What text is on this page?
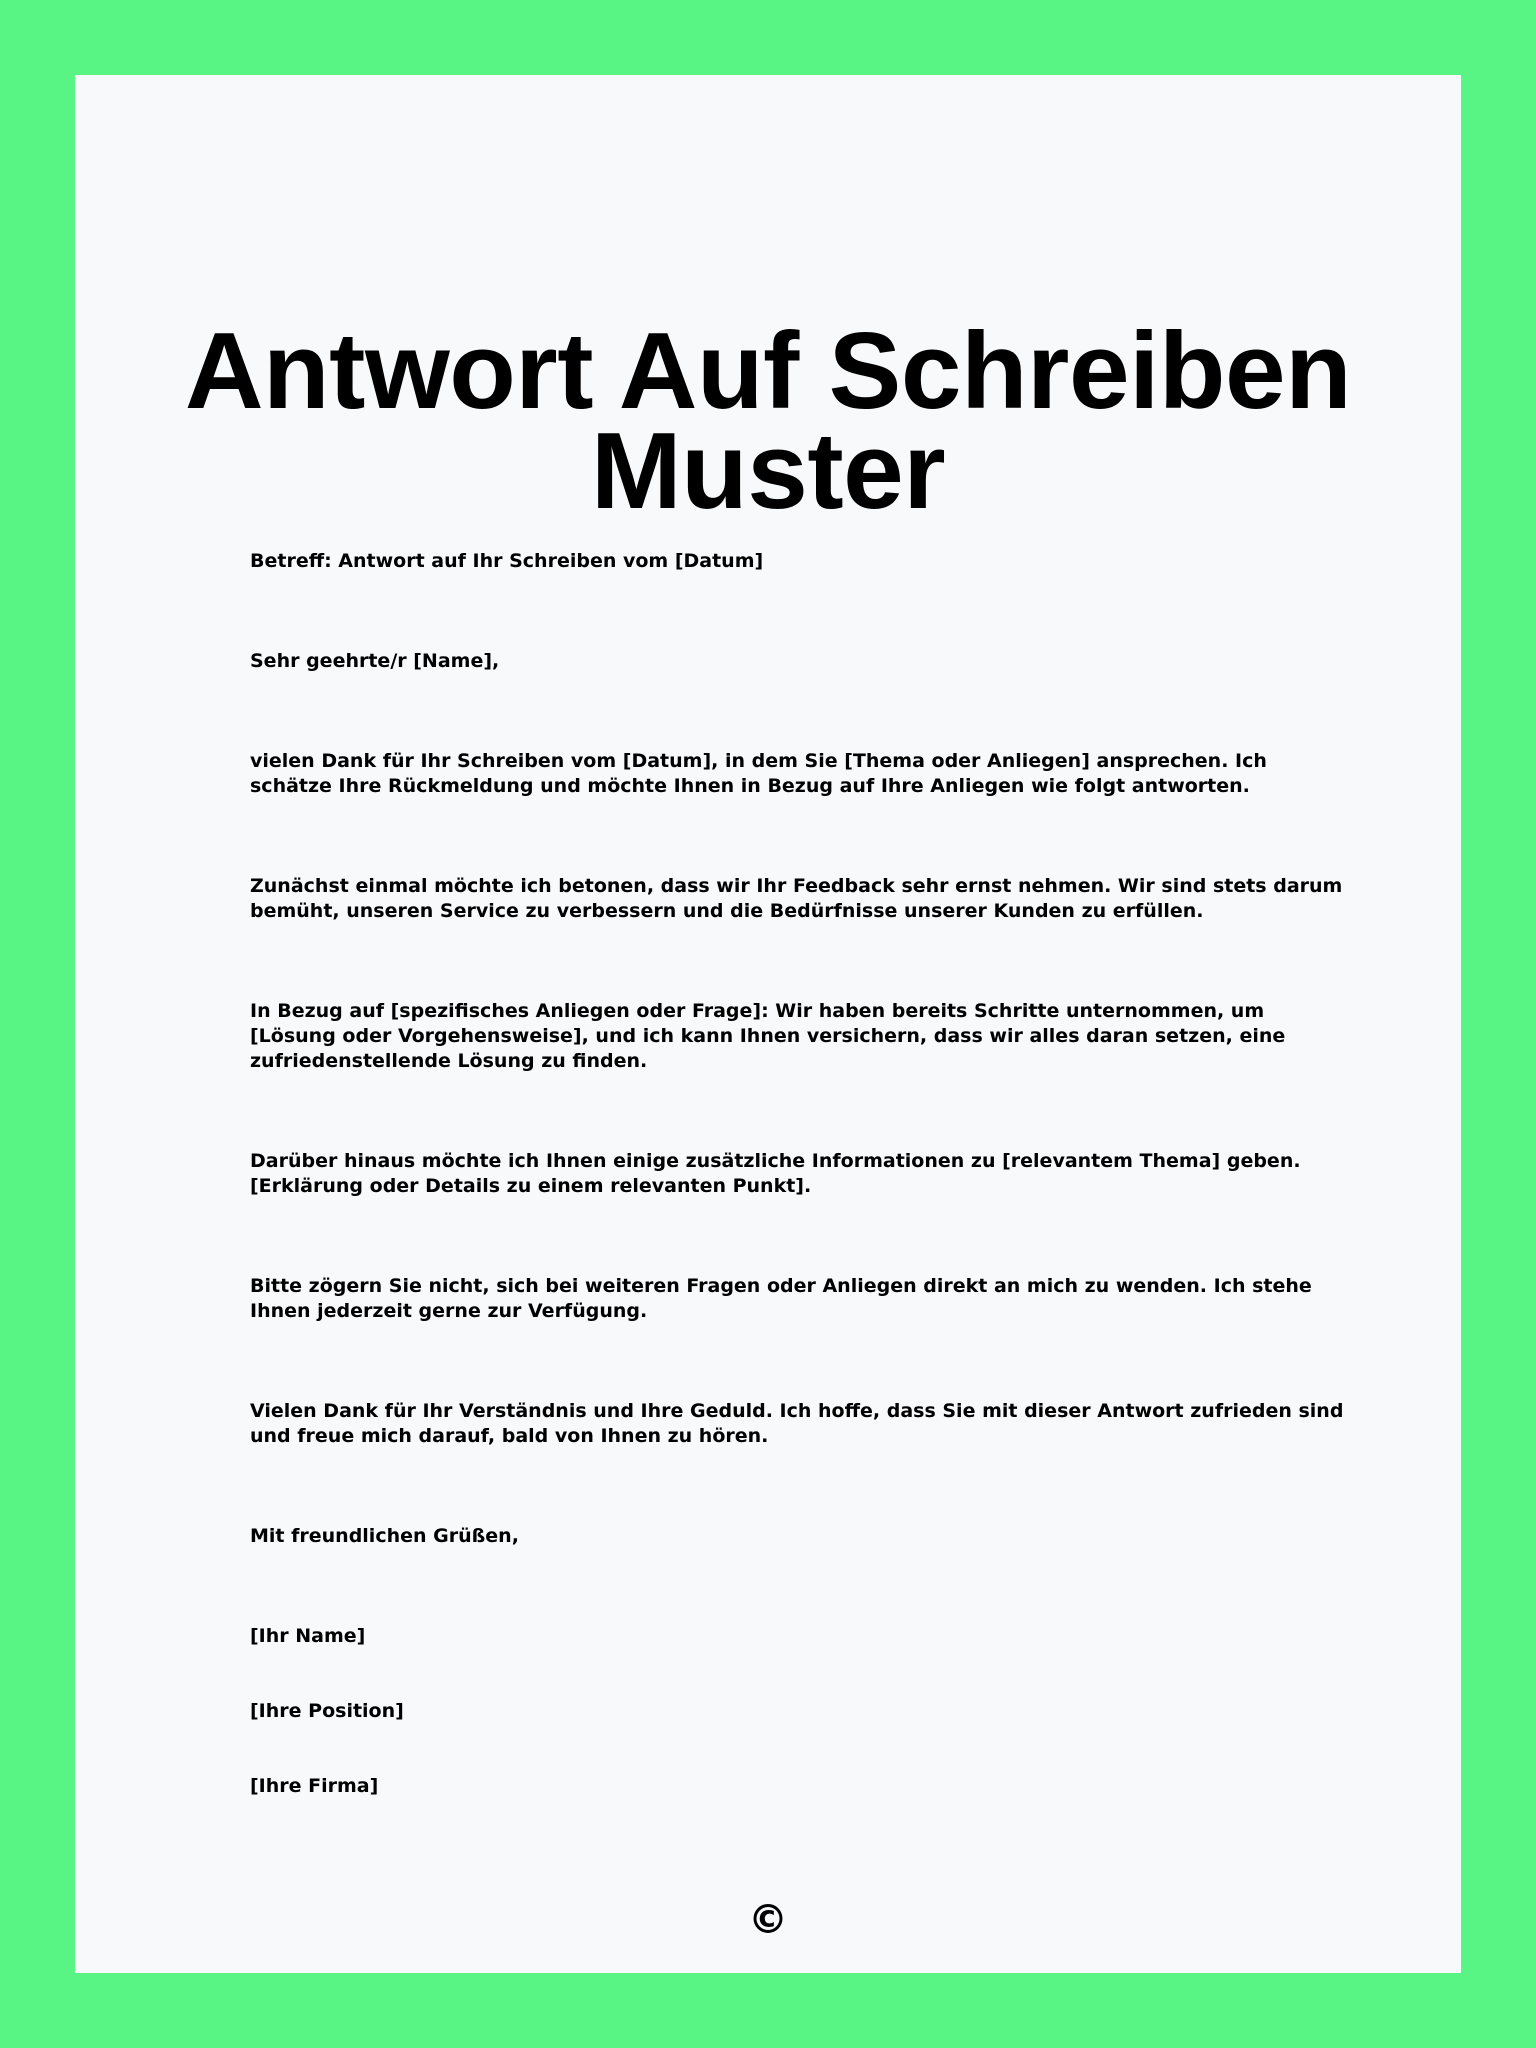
Antwort Auf Schreiben Muster

Betreff: Antwort auf Ihr Schreiben vom [Datum]

Sehr geehrte/r [Name],

vielen Dank für Ihr Schreiben vom [Datum], in dem Sie [Thema oder Anliegen] ansprechen. Ich schätze Ihre Rückmeldung und möchte Ihnen in Bezug auf Ihre Anliegen wie folgt antworten.

Zunächst einmal möchte ich betonen, dass wir Ihr Feedback sehr ernst nehmen. Wir sind stets darum bemüht, unseren Service zu verbessern und die Bedürfnisse unserer Kunden zu erfüllen.

In Bezug auf [spezifisches Anliegen oder Frage]: Wir haben bereits Schritte unternommen, um [Lösung oder Vorgehensweise], und ich kann Ihnen versichern, dass wir alles daran setzen, eine zufriedenstellende Lösung zu finden.

Darüber hinaus möchte ich Ihnen einige zusätzliche Informationen zu [relevantem Thema] geben. [Erklärung oder Details zu einem relevanten Punkt].

Bitte zögern Sie nicht, sich bei weiteren Fragen oder Anliegen direkt an mich zu wenden. Ich stehe Ihnen jederzeit gerne zur Verfügung.

Vielen Dank für Ihr Verständnis und Ihre Geduld. Ich hoffe, dass Sie mit dieser Antwort zufrieden sind und freue mich darauf, bald von Ihnen zu hören.

Mit freundlichen Grüßen,

[Ihr Name]

[Ihre Position]

[Ihre Firma]

©
